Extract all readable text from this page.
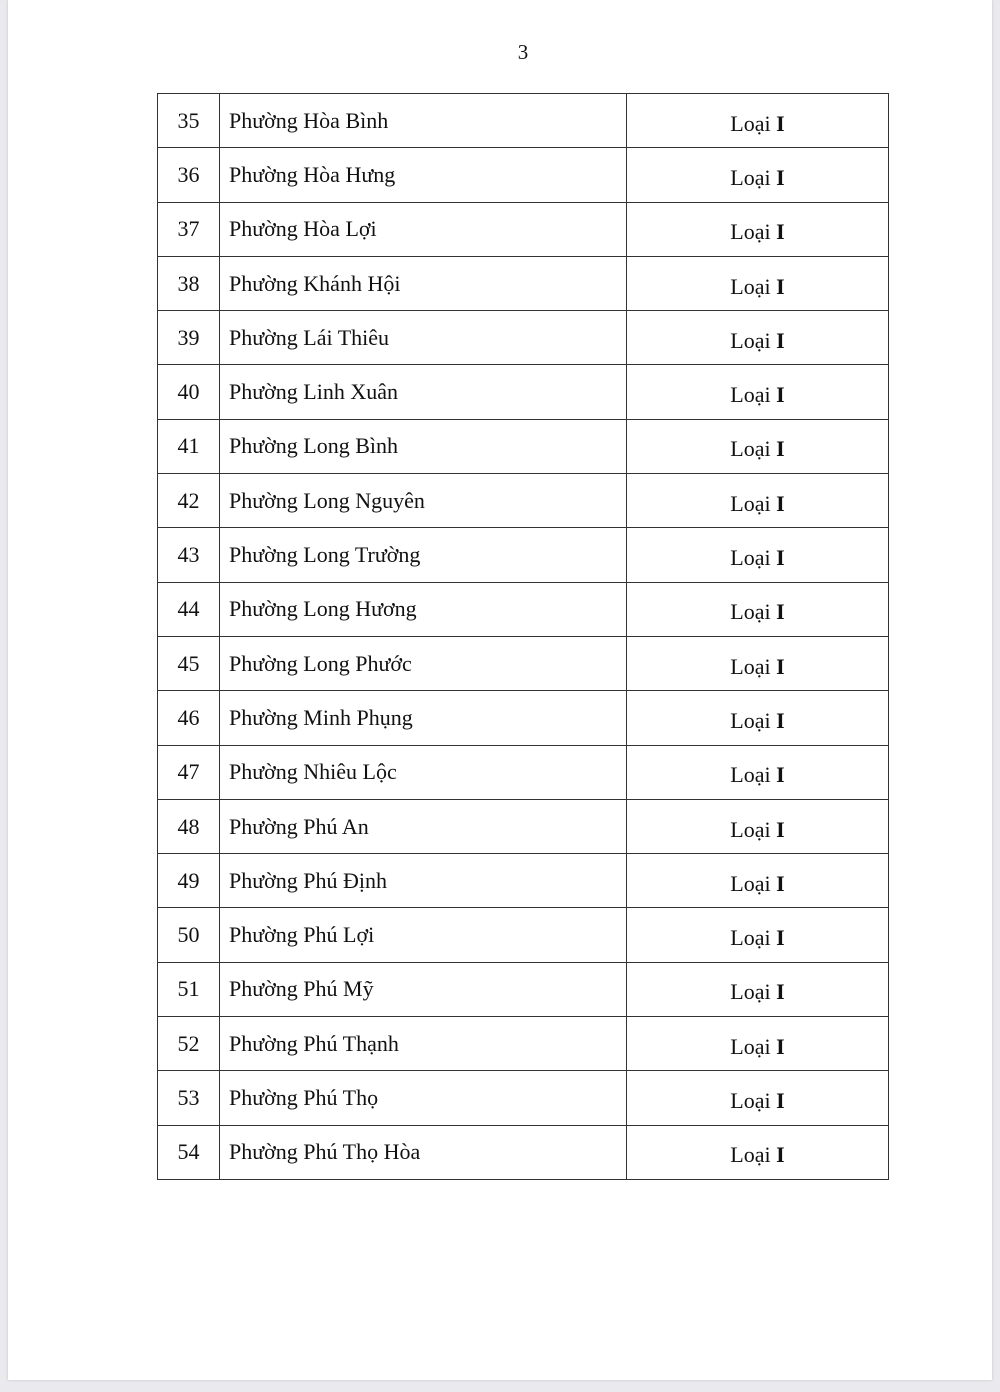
3
35	Phường Hòa Bình	Loại I
36	Phường Hòa Hưng	Loại I
37	Phường Hòa Lợi	Loại I
38	Phường Khánh Hội	Loại I
39	Phường Lái Thiêu	Loại I
40	Phường Linh Xuân	Loại I
41	Phường Long Bình	Loại I
42	Phường Long Nguyên	Loại I
43	Phường Long Trường	Loại I
44	Phường Long Hương	Loại I
45	Phường Long Phước	Loại I
46	Phường Minh Phụng	Loại I
47	Phường Nhiêu Lộc	Loại I
48	Phường Phú An	Loại I
49	Phường Phú Định	Loại I
50	Phường Phú Lợi	Loại I
51	Phường Phú Mỹ	Loại I
52	Phường Phú Thạnh	Loại I
53	Phường Phú Thọ	Loại I
54	Phường Phú Thọ Hòa	Loại I
